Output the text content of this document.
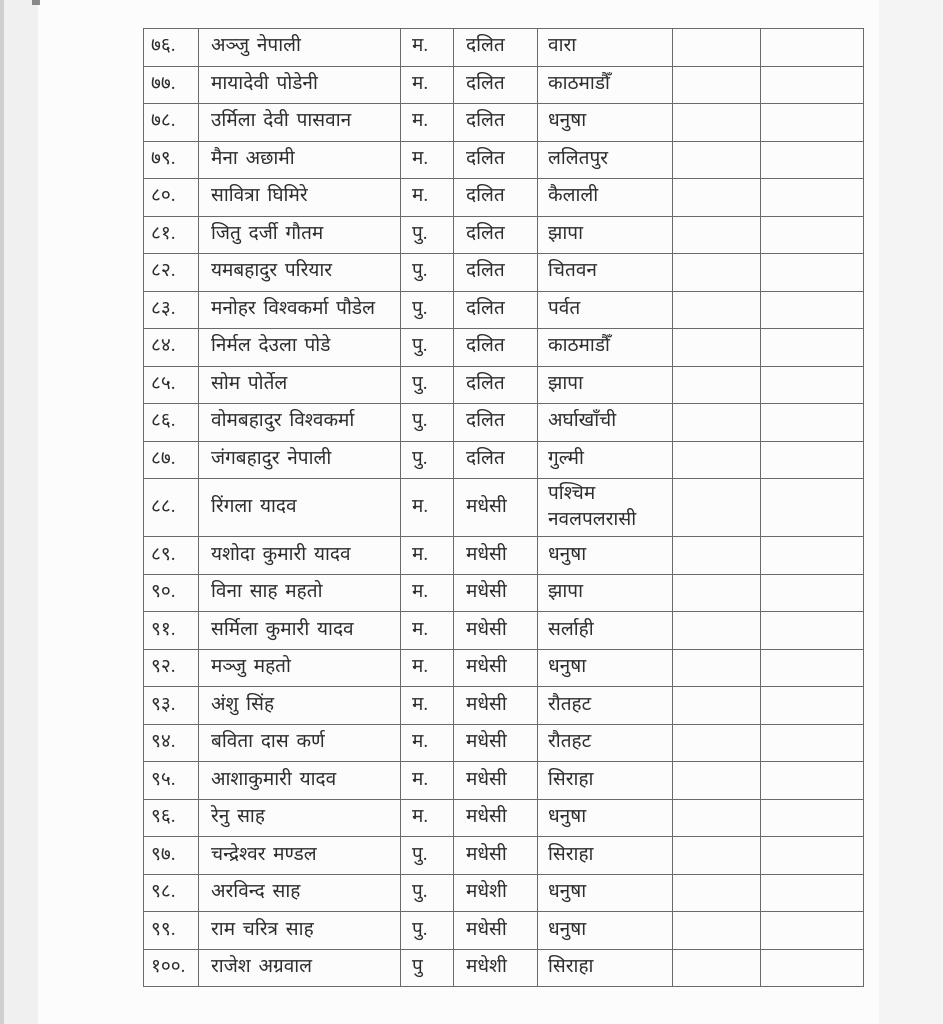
७६.	अञ्जु नेपाली	म.	दलित	वारा		
७७.	मायादेवी पोडेनी	म.	दलित	काठमाडौँ		
७८.	उर्मिला देवी पासवान	म.	दलित	धनुषा		
७९.	मैना अछामी	म.	दलित	ललितपुर		
८०.	सावित्रा घिमिरे	म.	दलित	कैलाली		
८१.	जितु दर्जी गौतम	पु.	दलित	झापा		
८२.	यमबहादुर परियार	पु.	दलित	चितवन		
८३.	मनोहर विश्वकर्मा पौडेल	पु.	दलित	पर्वत		
८४.	निर्मल देउला पोडे	पु.	दलित	काठमाडौँ		
८५.	सोम पोर्तेल	पु.	दलित	झापा		
८६.	वोमबहादुर विश्वकर्मा	पु.	दलित	अर्घाखाँची		
८७.	जंगबहादुर नेपाली	पु.	दलित	गुल्मी		
८८.	रिंगला यादव	म.	मधेसी	पश्चिम नवलपलरासी		
८९.	यशोदा कुमारी यादव	म.	मधेसी	धनुषा		
९०.	विना साह महतो	म.	मधेसी	झापा		
९१.	सर्मिला कुमारी यादव	म.	मधेसी	सर्लाही		
९२.	मञ्जु महतो	म.	मधेसी	धनुषा		
९३.	अंशु सिंह	म.	मधेसी	रौतहट		
९४.	बविता दास कर्ण	म.	मधेसी	रौतहट		
९५.	आशाकुमारी यादव	म.	मधेसी	सिराहा		
९६.	रेनु साह	म.	मधेसी	धनुषा		
९७.	चन्द्रेश्वर मण्डल	पु.	मधेसी	सिराहा		
९८.	अरविन्द साह	पु.	मधेशी	धनुषा		
९९.	राम चरित्र साह	पु.	मधेसी	धनुषा		
१००.	राजेश अग्रवाल	पु	मधेशी	सिराहा		
